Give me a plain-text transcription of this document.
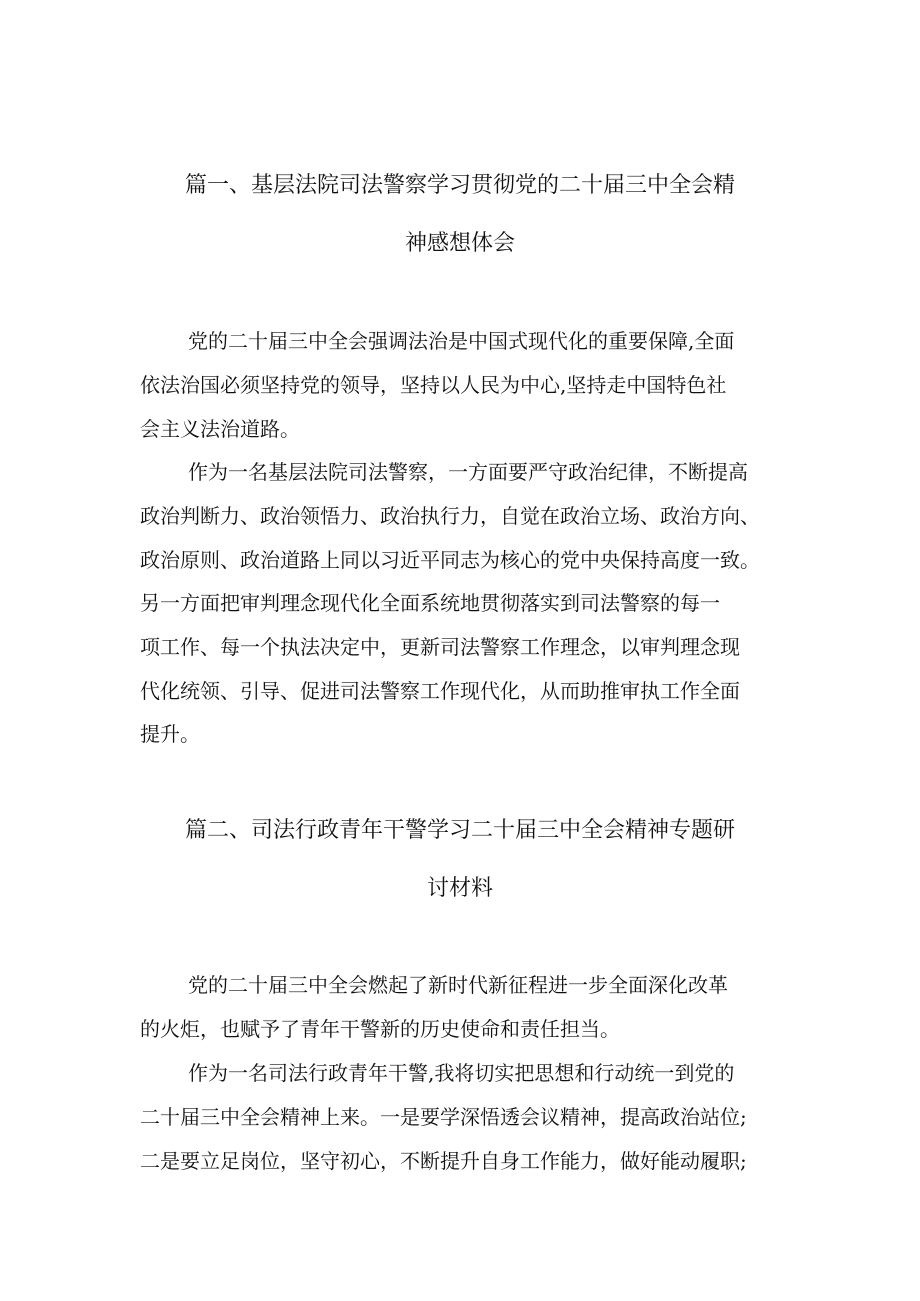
篇一、基层法院司法警察学习贯彻党的二十届三中全会精
神感想体会
党的二十届三中全会强调法治是中国式现代化的重要保障,全面
依法治国必须坚持党的领导，坚持以人民为中心,坚持走中国特色社
会主义法治道路。
作为一名基层法院司法警察，一方面要严守政治纪律，不断提高
政治判断力、政治领悟力、政治执行力，自觉在政治立场、政治方向、
政治原则、政治道路上同以习近平同志为核心的党中央保持高度一致。
另一方面把审判理念现代化全面系统地贯彻落实到司法警察的每一
项工作、每一个执法决定中，更新司法警察工作理念，以审判理念现
代化统领、引导、促进司法警察工作现代化，从而助推审执工作全面
提升。
篇二、司法行政青年干警学习二十届三中全会精神专题研
讨材料
党的二十届三中全会燃起了新时代新征程进一步全面深化改革
的火炬，也赋予了青年干警新的历史使命和责任担当。
作为一名司法行政青年干警,我将切实把思想和行动统一到党的
二十届三中全会精神上来。一是要学深悟透会议精神，提高政治站位;
二是要立足岗位，坚守初心，不断提升自身工作能力，做好能动履职;
